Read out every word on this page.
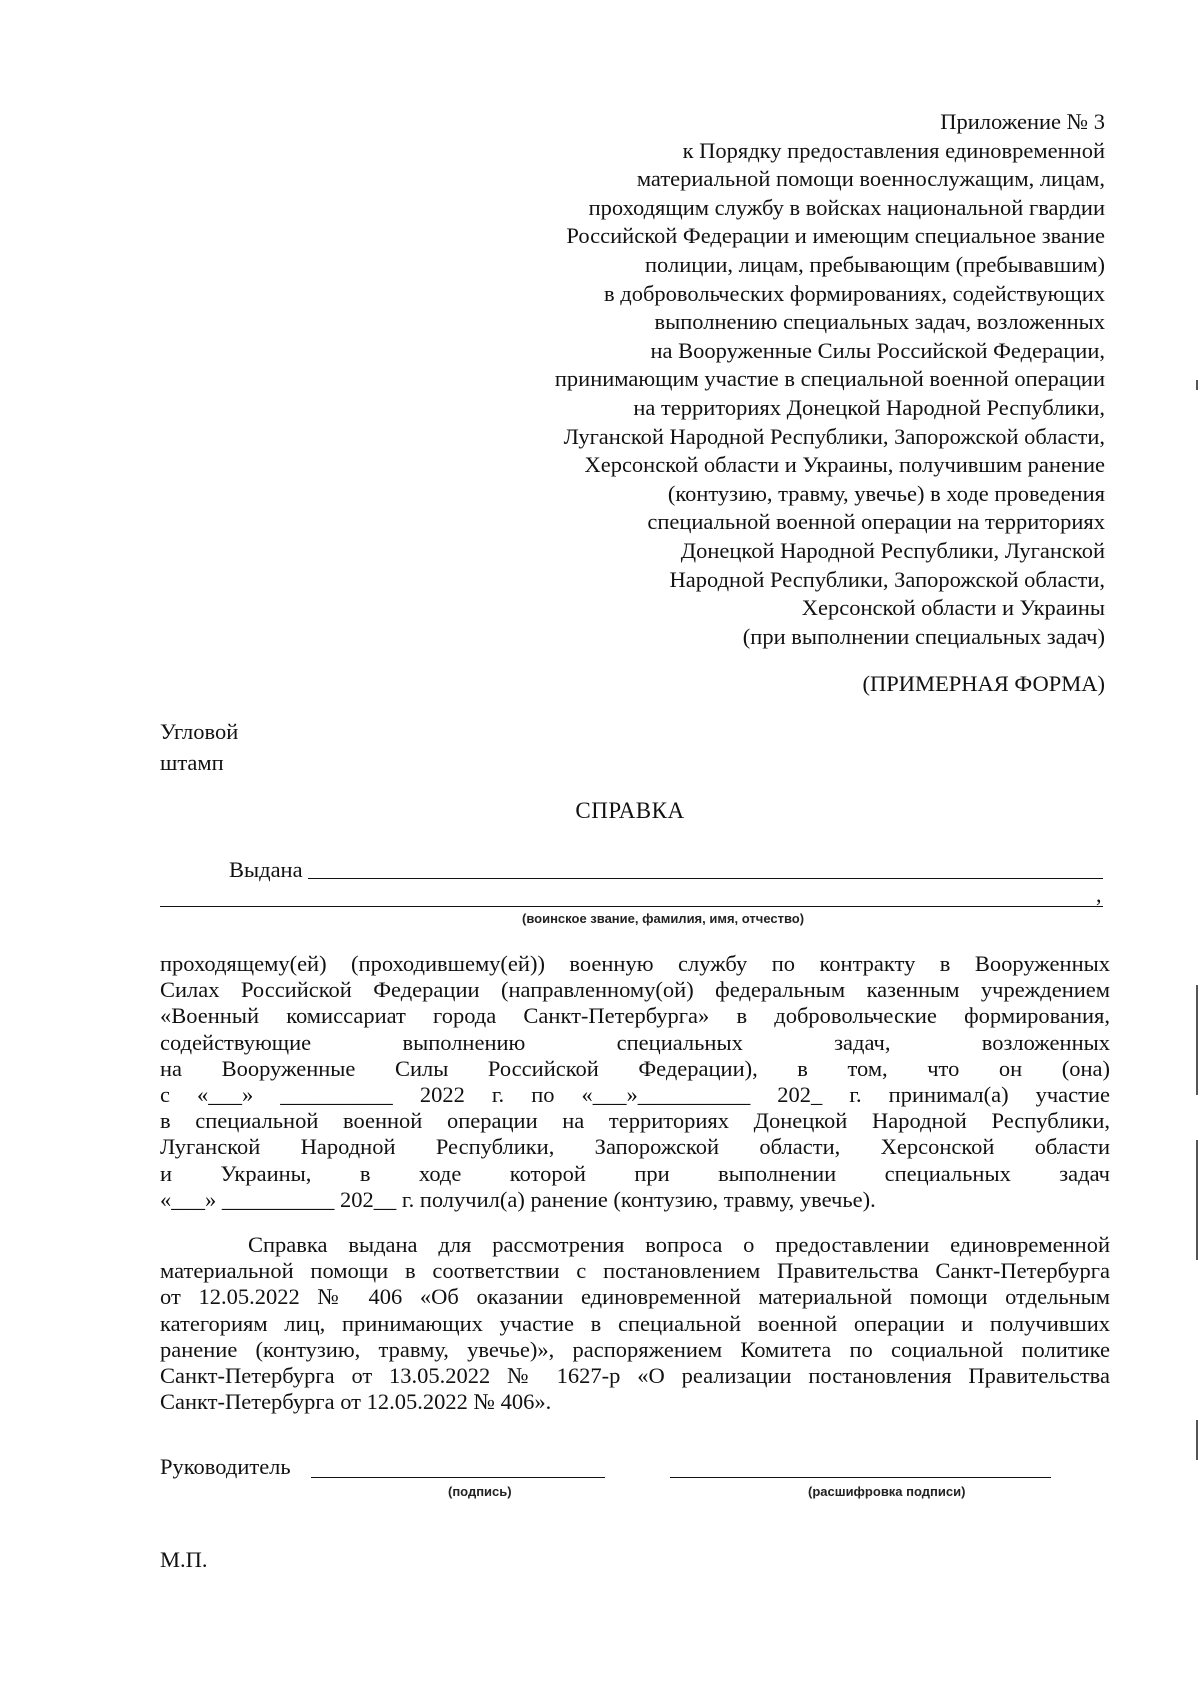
Приложение № 3
к Порядку предоставления единовременной
материальной помощи военнослужащим, лицам,
проходящим службу в войсках национальной гвардии
Российской Федерации и имеющим специальное звание
полиции, лицам, пребывающим (пребывавшим)
в добровольческих формированиях, содействующих
выполнению специальных задач, возложенных
на Вооруженные Силы Российской Федерации,
принимающим участие в специальной военной операции
на территориях Донецкой Народной Республики,
Луганской Народной Республики, Запорожской области,
Херсонской области и Украины, получившим ранение
(контузию, травму, увечье) в ходе проведения
специальной военной операции на территориях
Донецкой Народной Республики, Луганской
Народной Республики, Запорожской области,
Херсонской области и Украины
(при выполнении специальных задач)
(ПРИМЕРНАЯ ФОРМА)
Угловой
штамп
СПРАВКА
Выдана
,
(воинское звание, фамилия, имя, отчество)
проходящему(ей) (проходившему(ей)) военную службу по контракту в Вооруженных
Силах Российской Федерации (направленному(ой) федеральным казенным учреждением
«Военный комиссариат города Санкт-Петербурга» в добровольческие формирования,
содействующие выполнению специальных задач, возложенных
на Вооруженные Силы Российской Федерации), в том, что он (она)
с «___» __________ 2022 г. по «___»__________ 202_ г. принимал(а) участие
в специальной военной операции на территориях Донецкой Народной Республики,
Луганской Народной Республики, Запорожской области, Херсонской области
и Украины, в ходе которой при выполнении специальных задач
«___» __________ 202__ г. получил(а) ранение (контузию, травму, увечье).
Справка выдана для рассмотрения вопроса о предоставлении единовременной
материальной помощи в соответствии с постановлением Правительства Санкт-Петербурга
от 12.05.2022 № 406 «Об оказании единовременной материальной помощи отдельным
категориям лиц, принимающих участие в специальной военной операции и получивших
ранение (контузию, травму, увечье)», распоряжением Комитета по социальной политике
Санкт-Петербурга от 13.05.2022 № 1627-р «О реализации постановления Правительства
Санкт-Петербурга от 12.05.2022 № 406».
Руководитель
(подпись)	(расшифровка подписи)
М.П.
